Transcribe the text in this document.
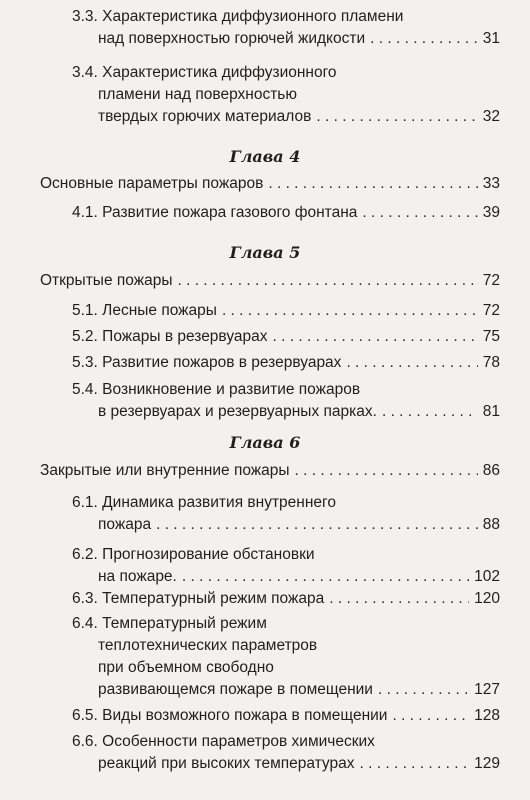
3.3.
Характеристика диффузионного пламени
над поверхностью горючей жидкости . . .	31
3.4.
Характеристика диффузионного
пламени над поверхностью
твердых горючих материалов . . .	32
Глава 4
Основные параметры пожаров . . .	33
4.1.
Развитие пожара газового фонтана . . .	39
Глава 5
Открытые пожары . . .	72
5.1.
Лесные пожары . . .	72
5.2.
Пожары в резервуарах . . .	75
5.3.
Развитие пожаров в резервуарах . . .	78
5.4.
Возникновение и развитие пожаров
в резервуарах и резервуарных парках. . . .	81
Глава 6
Закрытые или внутренние пожары . . .	86
6.1.
Динамика развития внутреннего
пожара . . .	88
6.2.
Прогнозирование обстановки
на пожаре. . . .	102
6.3.
Температурный режим пожара . . .	120
6.4.
Температурный режим
теплотехнических параметров
при объемном свободно
развивающемся пожаре в помещении . . .	127
6.5.
Виды возможного пожара в помещении . . .	128
6.6.
Особенности параметров химических
реакций при высоких температурах . . .	129
